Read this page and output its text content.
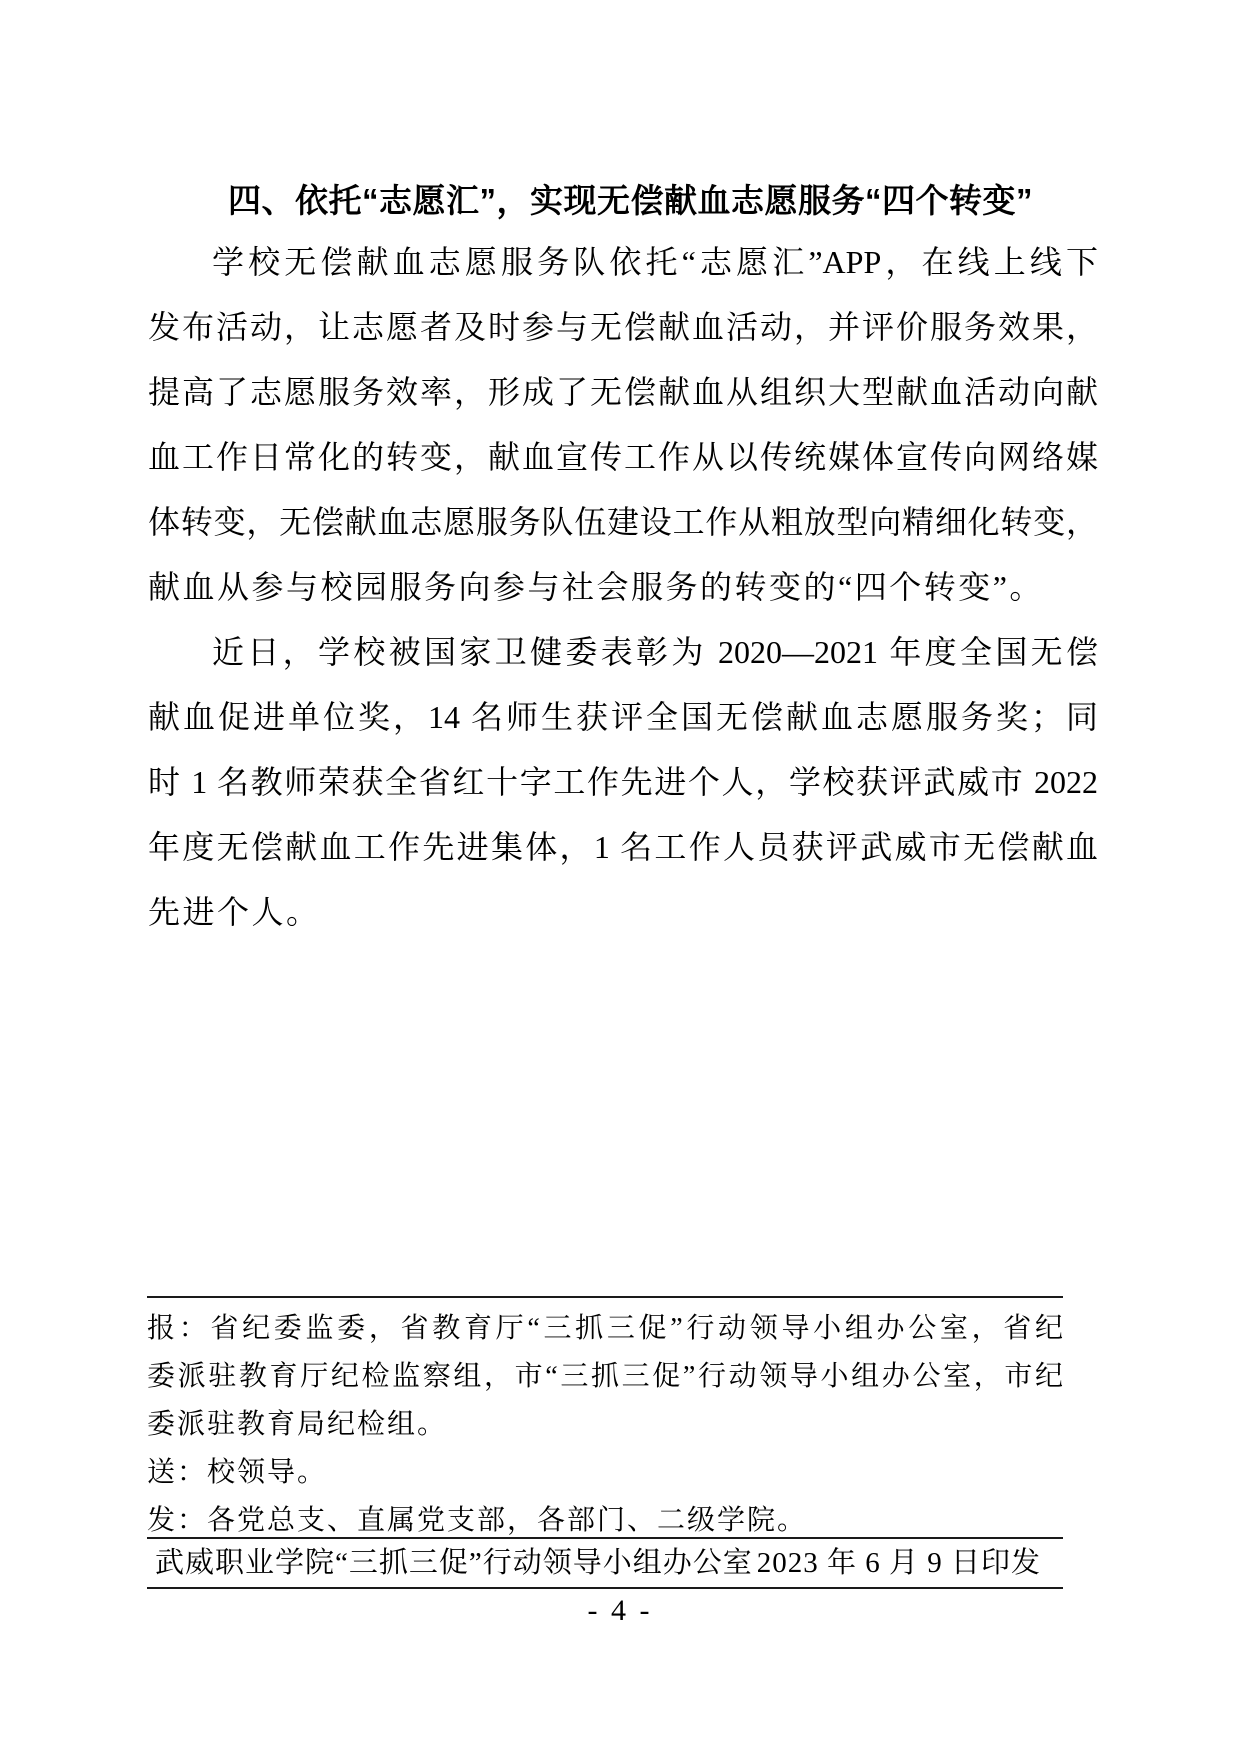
四、依托“志愿汇”，实现无偿献血志愿服务“四个转变”
学校无偿献血志愿服务队依托“志愿汇”APP，在线上线下
发布活动，让志愿者及时参与无偿献血活动，并评价服务效果，
提高了志愿服务效率，形成了无偿献血从组织大型献血活动向献
血工作日常化的转变，献血宣传工作从以传统媒体宣传向网络媒
体转变，无偿献血志愿服务队伍建设工作从粗放型向精细化转变，
献血从参与校园服务向参与社会服务的转变的“四个转变”。
近日，学校被国家卫健委表彰为 2020—2021 年度全国无偿
献血促进单位奖，14 名师生获评全国无偿献血志愿服务奖；同
时 1 名教师荣获全省红十字工作先进个人，学校获评武威市 2022
年度无偿献血工作先进集体，1 名工作人员获评武威市无偿献血
先进个人。
报：省纪委监委，省教育厅“三抓三促”行动领导小组办公室，省纪
委派驻教育厅纪检监察组，市“三抓三促”行动领导小组办公室，市纪
委派驻教育局纪检组。
送：校领导。
发：各党总支、直属党支部，各部门、二级学院。
武威职业学院“三抓三促”行动领导小组办公室 2023 年 6 月 9 日印发
- 4 -
